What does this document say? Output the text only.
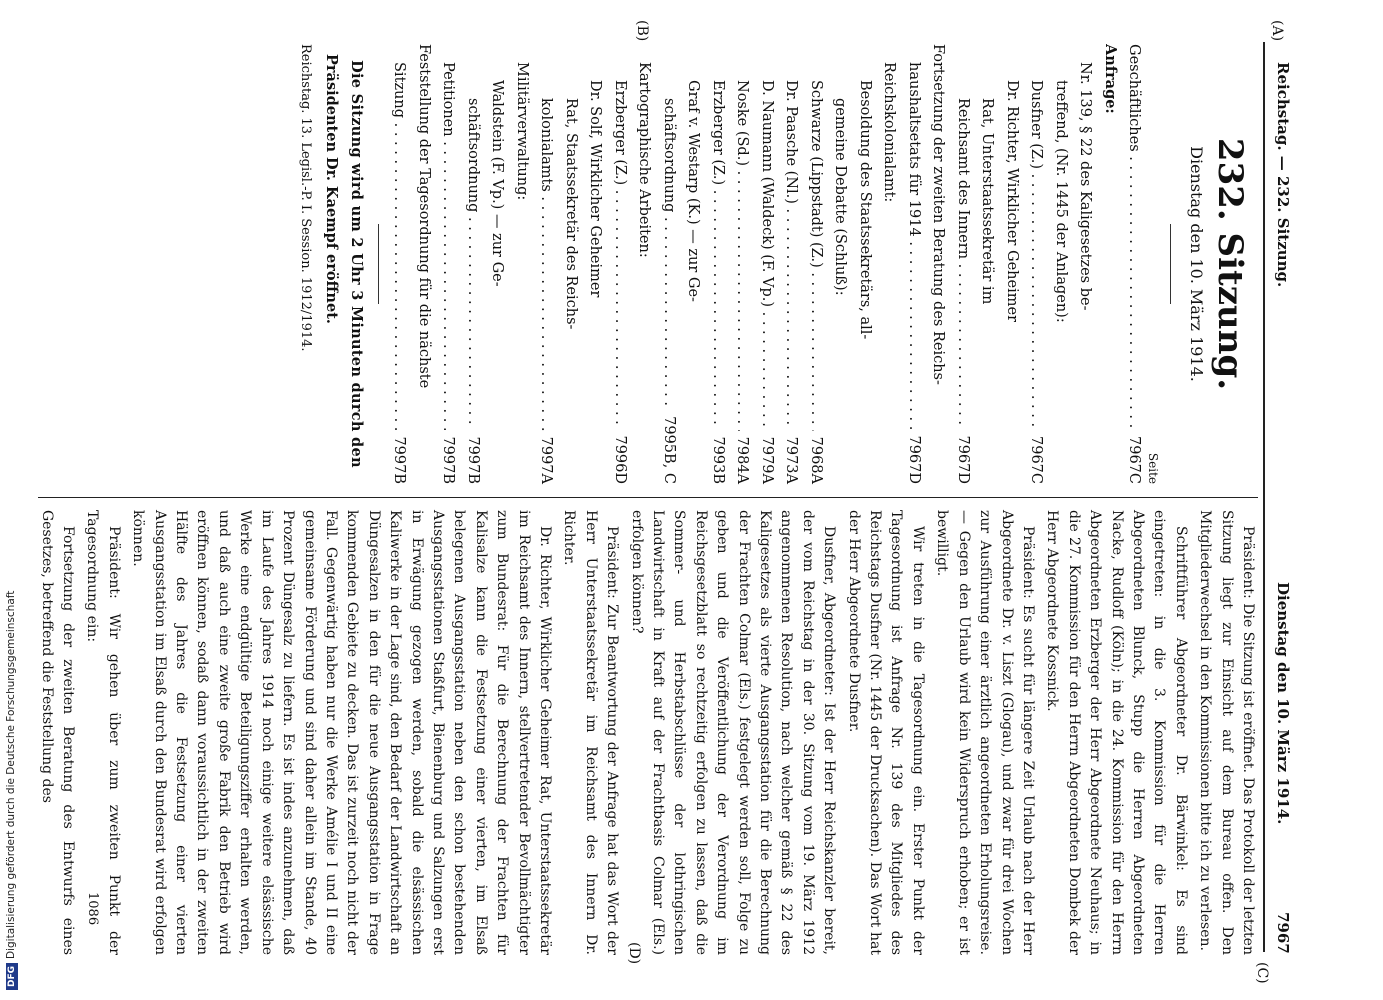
Reichstag. — 232. Sitzung.
Dienstag den 10. März 1914.
7967
(A)
(B)
(C)
(D)
232. Sitzung.
Dienstag den 10. März 1914.
Seite
Geschäftliches . . .
7967C
Anfrage:
Nr. 139, § 22 des Kaligesetzes be-
treffend, (Nr. 1445 der Anlagen):
Dusfner (Z.) . . .
7967C
Dr. Richter, Wirklicher Geheimer
Rat, Unterstaatssekretär im
Reichsamt des Innern . . .
7967D
Fortsetzung der zweiten Beratung des Reichs-
haushaltsetats für 1914 . . .
7967D
Reichskolonialamt:
Besoldung des Staatssekretärs, all-
gemeine Debatte (Schluß):
Schwarze (Lippstadt) (Z.) . . .
7968A
Dr. Paasche (Nl.) . . .
7973A
D. Naumann (Waldeck) (F. Vp.) . . .
7979A
Noske (Sd.) . . .
7984A
Erzberger (Z.) . . .
7993B
Graf v. Westarp (K.) — zur Ge-
schäftsordnung . . .
7995B, C
Kartographische Arbeiten:
Erzberger (Z.) . . .
7996D
Dr. Solf, Wirklicher Geheimer
Rat, Staatssekretär des Reichs-
kolonialamts . . .
7997A
Militärverwaltung:
Waldstein (F. Vp.) — zur Ge-
schäftsordnung . . .
7997B
Petitionen . . .
7997B
Feststellung der Tagesordnung für die nächste
Sitzung . . .
7997B

Die Sitzung wird um 2 Uhr 3 Minuten durch den

Präsidenten Dr. Kaempf eröffnet.

Reichstag. 13. Legisl.-P. I. Session. 1912/1914.

Präsident: Die Sitzung ist eröffnet. Das Protokoll der letzten Sitzung liegt zur Einsicht auf dem Bureau offen. Den Mitgliederwechsel in den Kommissionen bitte ich zu verlesen.

Schriftführer Abgeordneter Dr. Bärwinkel: Es sind eingetreten: in die 3. Kommission für die Herren Abgeordneten Blunck, Stupp die Herren Abgeordneten Nacke, Rudloff (Köln); in die 24. Kommission für den Herrn Abgeordneten Erzberger der Herr Abgeordnete Neuhaus; in die 27. Kommission für den Herrn Abgeordneten Dombek der Herr Abgeordnete Kossnick.

Präsident: Es sucht für längere Zeit Urlaub nach der Herr Abgeordnete Dr. v. Liszt (Glogau), und zwar für drei Wochen zur Ausführung einer ärztlich angeordneten Erholungsreise. — Gegen den Urlaub wird kein Widerspruch erhoben; er ist bewilligt.

Wir treten in die Tagesordnung ein. Erster Punkt der Tagesordnung ist Anfrage Nr. 139 des Mitgliedes des Reichstags Dusfner (Nr. 1445 der Drucksachen). Das Wort hat der Herr Abgeordnete Dusfner.

Dusfner, Abgeordneter: Ist der Herr Reichskanzler bereit, der vom Reichstag in der 30. Sitzung vom 19. März 1912 angenommenen Resolution, nach welcher gemäß § 22 des Kaligesetzes als vierte Ausgangsstation für die Berechnung der Frachten Colmar (Els.) festgelegt werden soll, Folge zu geben und die Veröffentlichung der Verordnung im Reichsgesetzblatt so rechtzeitig erfolgen zu lassen, daß die Sommer- und Herbstabschlüsse der lothringischen Landwirtschaft in Kraft auf der Frachtbasis Colmar (Els.) erfolgen können?

Präsident: Zur Beantwortung der Anfrage hat das Wort der Herr Unterstaatssekretär im Reichsamt des Innern Dr. Richter.

Dr. Richter, Wirklicher Geheimer Rat, Unterstaatssekretär im Reichsamt des Innern, stellvertretender Bevollmächtigter zum Bundesrat: Für die Berechnung der Frachten für Kalisalze kann die Festsetzung einer vierten, im Elsaß belegenen Ausgangsstation neben den schon bestehenden Ausgangsstationen Staßfurt, Bienenburg und Salzungen erst in Erwägung gezogen werden, sobald die elsässischen Kaliwerke in der Lage sind, den Bedarf der Landwirtschaft an Düngesalzen in den für die neue Ausgangsstation in Frage kommenden Gebiete zu decken. Das ist zurzeit noch nicht der Fall. Gegenwärtig haben nur die Werke Amélie I und II eine gemeinsame Förderung und sind daher allein im Stande, 40 Prozent Düngesalz zu liefern. Es ist indes anzunehmen, daß im Laufe des Jahres 1914 noch einige weitere elsässische Werke eine endgültige Beteiligungsziffer erhalten werden, und daß auch eine zweite große Fabrik den Betrieb wird eröffnen können, sodaß dann voraussichtlich in der zweiten Hälfte des Jahres die Festsetzung einer vierten Ausgangsstation im Elsaß durch den Bundesrat wird erfolgen können.

Präsident: Wir gehen über zum zweiten Punkt der Tagesordnung ein:

Fortsetzung der zweiten Beratung des Entwurfs eines Gesetzes, betreffend die Feststellung des

1086
DFGDigitalisierung gefördert durch die Deutsche Forschungsgemeinschaft
